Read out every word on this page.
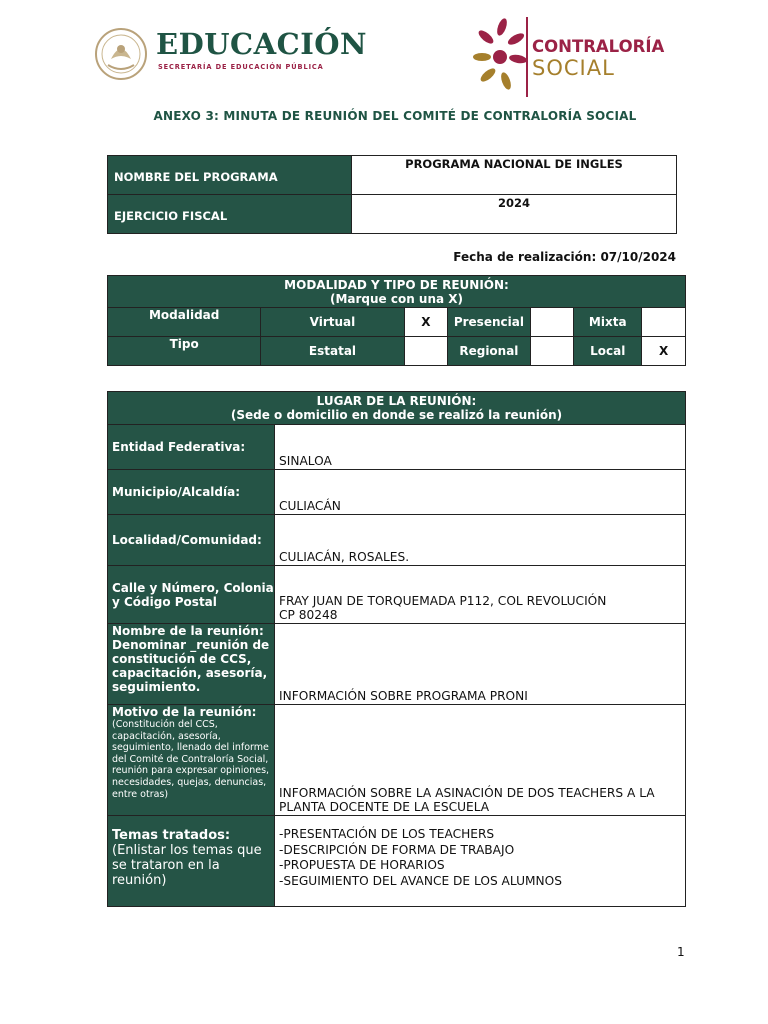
EDUCACIÓN
SECRETARÍA DE EDUCACIÓN PÚBLICA
CONTRALORÍA
SOCIAL
ANEXO 3: MINUTA DE REUNIÓN DEL COMITÉ DE CONTRALORÍA SOCIAL
NOMBRE DEL PROGRAMA	PROGRAMA NACIONAL DE INGLES
EJERCICIO FISCAL	2024
Fecha de realización: 07/10/2024
MODALIDAD Y TIPO DE REUNIÓN:
(Marque con una X)						
Modalidad	Virtual	X	Presencial		Mixta	
Tipo	Estatal		Regional		Local	X
LUGAR DE LA REUNIÓN:
(Sede o domicilio en donde se realizó la reunión)	
Entidad Federativa:	SINALOA
Municipio/Alcaldía:	CULIACÁN
Localidad/Comunidad:	CULIACÁN, ROSALES.
Calle y Número, Colonia y Código Postal	FRAY JUAN DE TORQUEMADA P112, COL REVOLUCIÓN
CP 80248
Nombre de la reunión: Denominar _reunión de constitución de CCS, capacitación, asesoría, seguimiento.	INFORMACIÓN SOBRE PROGRAMA PRONI
Motivo de la reunión:
(Constitución del CCS, capacitación, asesoría, seguimiento, llenado del informe del Comité de Contraloría Social, reunión para expresar opiniones, necesidades, quejas, denuncias, entre otras)	INFORMACIÓN SOBRE LA ASINACIÓN DE DOS TEACHERS A LA PLANTA DOCENTE DE LA ESCUELA
Temas tratados:
(Enlistar los temas que se trataron en la reunión)	-PRESENTACIÓN DE LOS TEACHERS
-DESCRIPCIÓN DE FORMA DE TRABAJO
-PROPUESTA DE HORARIOS
-SEGUIMIENTO DEL AVANCE DE LOS ALUMNOS
1
